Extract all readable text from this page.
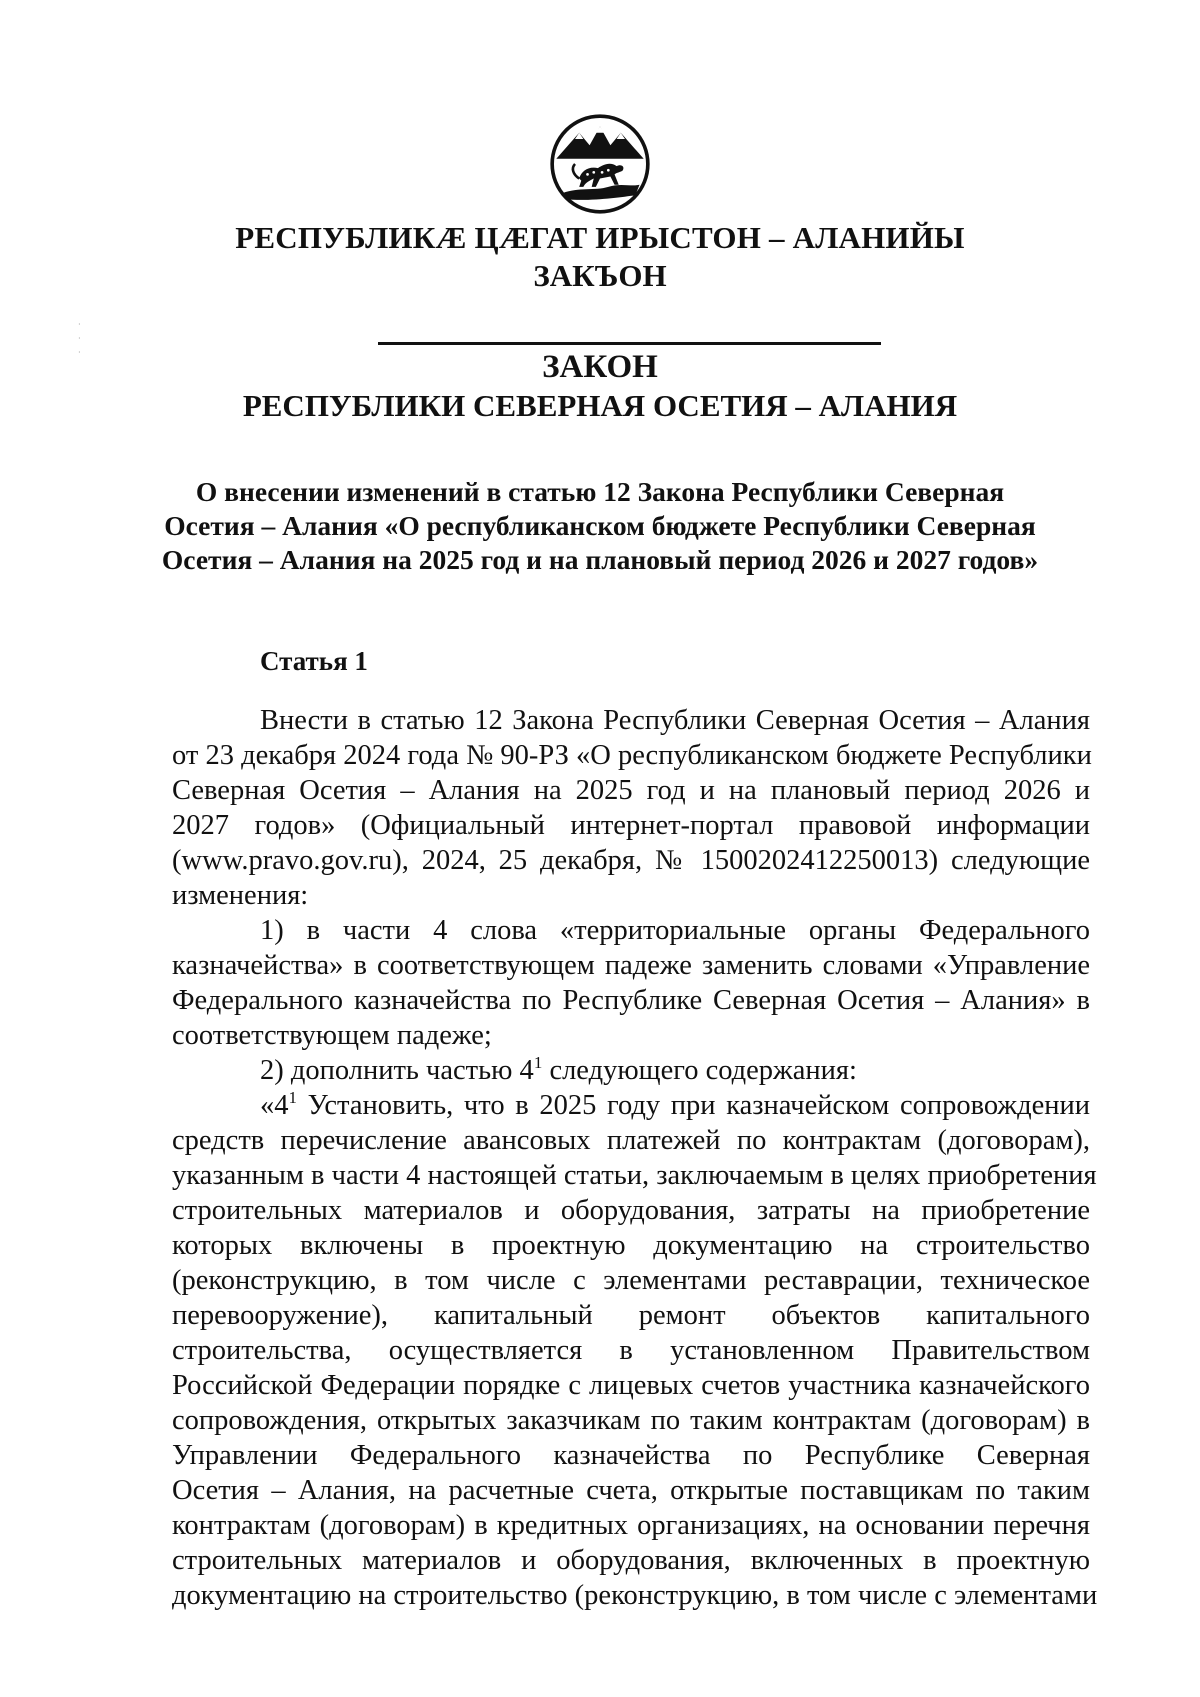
РЕСПУБЛИКÆ ЦÆГАТ ИРЫСТОН – АЛАНИЙЫ
ЗАКЪОН
ЗАКОН
РЕСПУБЛИКИ СЕВЕРНАЯ ОСЕТИЯ – АЛАНИЯ
·
·
·
О внесении изменений в статью 12 Закона Республики Северная
Осетия – Алания «О республиканском бюджете Республики Северная
Осетия – Алания на 2025 год и на плановый период 2026 и 2027 годов»
Статья 1

Внести в статью 12 Закона Республики Северная Осетия – Алания
от 23 декабря 2024 года № 90-РЗ «О республиканском бюджете Республики
Северная Осетия – Алания на 2025 год и на плановый период 2026 и
2027 годов» (Официальный интернет-портал правовой информации
(www.pravo.gov.ru), 2024, 25 декабря, № 1500202412250013) следующие
изменения:

1) в части 4 слова «территориальные органы Федерального
казначейства» в соответствующем падеже заменить словами «Управление
Федерального казначейства по Республике Северная Осетия – Алания» в
соответствующем падеже;

2) дополнить частью $4^1$ следующего содержания:

«$4^1$ Установить, что в 2025 году при казначейском сопровождении
средств перечисление авансовых платежей по контрактам (договорам),
указанным в части 4 настоящей статьи, заключаемым в целях приобретения
строительных материалов и оборудования, затраты на приобретение
которых включены в проектную документацию на строительство
(реконструкцию, в том числе с элементами реставрации, техническое
перевооружение), капитальный ремонт объектов капитального
строительства, осуществляется в установленном Правительством
Российской Федерации порядке с лицевых счетов участника казначейского
сопровождения, открытых заказчикам по таким контрактам (договорам) в
Управлении Федерального казначейства по Республике Северная
Осетия – Алания, на расчетные счета, открытые поставщикам по таким
контрактам (договорам) в кредитных организациях, на основании перечня
строительных материалов и оборудования, включенных в проектную
документацию на строительство (реконструкцию, в том числе с элементами
